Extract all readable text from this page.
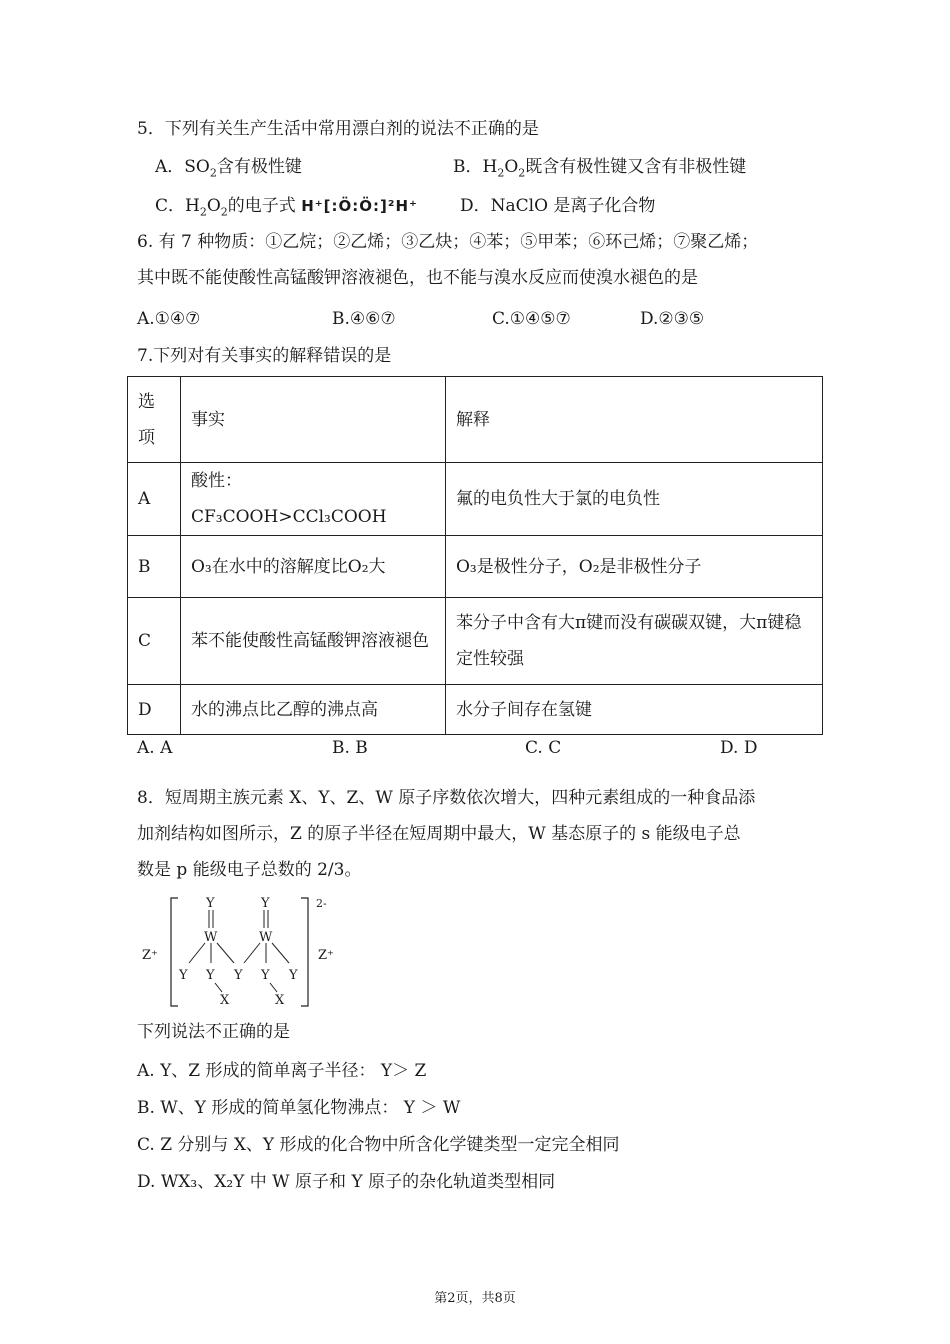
5．下列有关生产生活中常用漂白剂的说法不正确的是
A．$SO_2$含有极性键	B．$H_2O_2$既含有极性键又含有非极性键
C．$H_2O_2$的电子式 H⁺[:Ö:Ö:]²H⁺ D．NaClO 是离子化合物
6. 有 7 种物质：①乙烷；②乙烯；③乙炔；④苯；⑤甲苯；⑥环己烯；⑦聚乙烯；
其中既不能使酸性高锰酸钾溶液褪色，也不能与溴水反应而使溴水褪色的是
A.①④⑦	B.④⑥⑦	C.①④⑤⑦	D.②③⑤
7.下列对有关事实的解释错误的是
选项	事实	解释
A	酸性：CF₃COOH>CCl₃COOH	氟的电负性大于氯的电负性
B	O₃在水中的溶解度比O₂大	O₃是极性分子，O₂是非极性分子
C	苯不能使酸性高锰酸钾溶液褪色	苯分子中含有大π键而没有碳碳双键，大π键稳定性较强
D	水的沸点比乙醇的沸点高	水分子间存在氢键
A. A	B. B	C. C	D. D
8．短周期主族元素 X、Y、Z、W 原子序数依次增大，四种元素组成的一种食品添
加剂结构如图所示，Z 的原子半径在短周期中最大，W 基态原子的 s 能级电子总
数是 p 能级电子总数的 2/3。
Y	Y
W	W
Y Y Y Y Y
X	X
Z⁺	Z⁺
2-
下列说法不正确的是
A. Y、Z 形成的简单离子半径： Y＞ Z
B. W、Y 形成的简单氢化物沸点： Y ＞ W
C. Z 分别与 X、Y 形成的化合物中所含化学键类型一定完全相同
D. WX₃、X₂Y 中 W 原子和 Y 原子的杂化轨道类型相同
第2页，共8页
